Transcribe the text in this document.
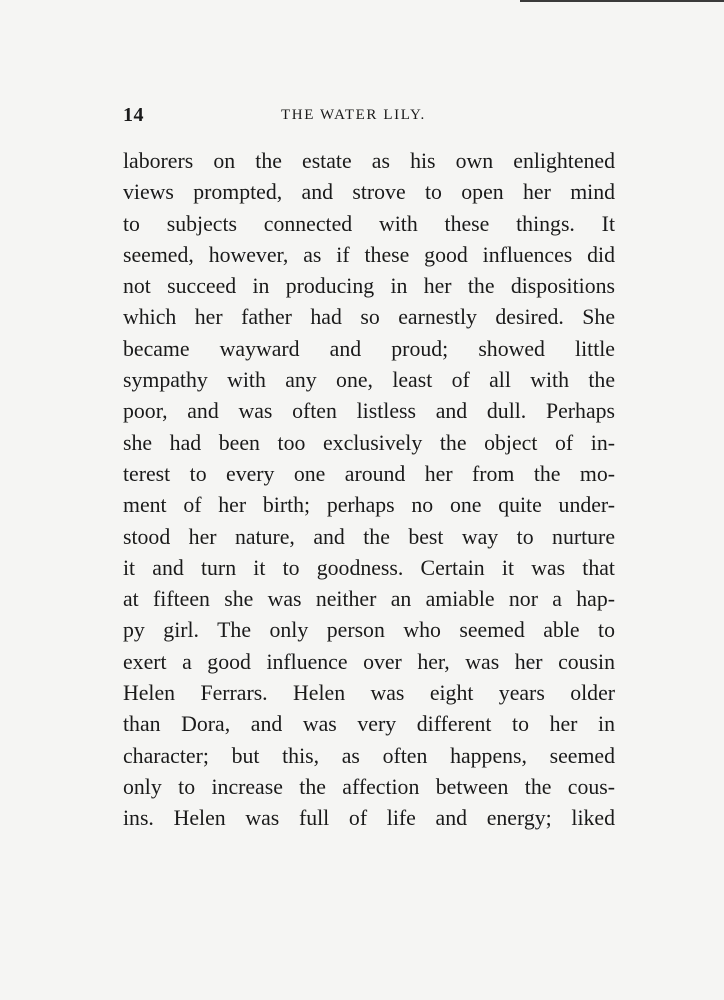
14	THE WATER LILY.
laborers on the estate as his own enlightened
views prompted, and strove to open her mind
to subjects connected with these things. It
seemed, however, as if these good influences did
not succeed in producing in her the dispositions
which her father had so earnestly desired. She
became wayward and proud; showed little
sympathy with any one, least of all with the
poor, and was often listless and dull. Perhaps
she had been too exclusively the object of in-
terest to every one around her from the mo-
ment of her birth; perhaps no one quite under-
stood her nature, and the best way to nurture
it and turn it to goodness. Certain it was that
at fifteen she was neither an amiable nor a hap-
py girl. The only person who seemed able to
exert a good influence over her, was her cousin
Helen Ferrars. Helen was eight years older
than Dora, and was very different to her in
character; but this, as often happens, seemed
only to increase the affection between the cous-
ins. Helen was full of life and energy; liked
